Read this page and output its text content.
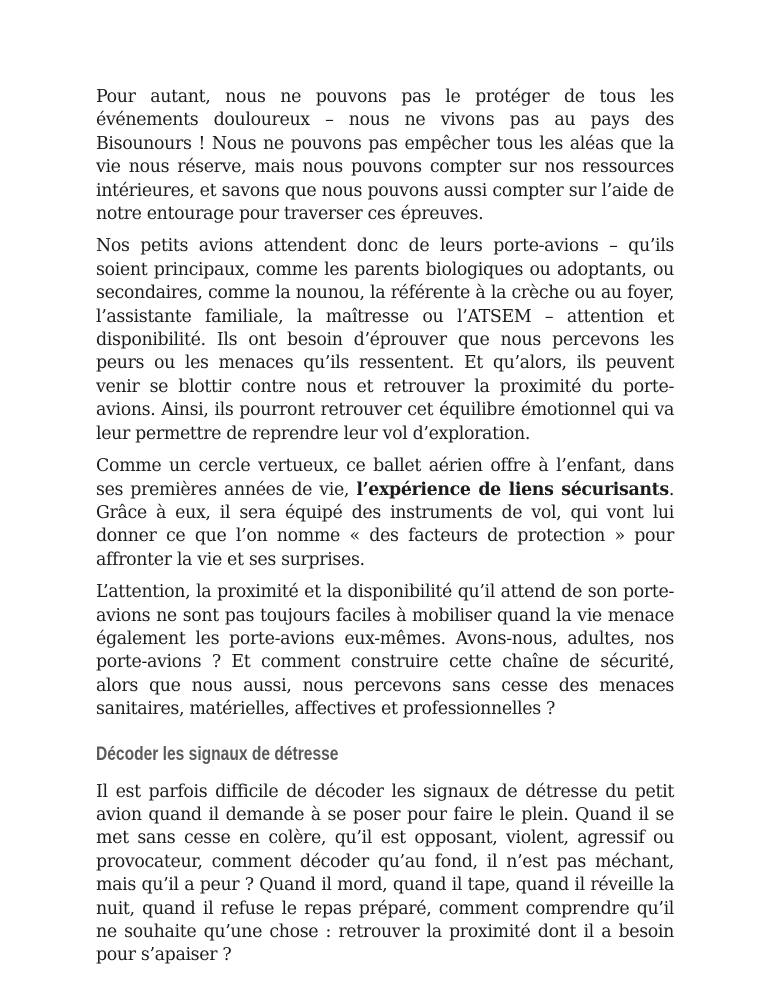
Pour autant, nous ne pouvons pas le protéger de tous les événements douloureux – nous ne vivons pas au pays des Bisounours ! Nous ne pouvons pas empêcher tous les aléas que la vie nous réserve, mais nous pouvons compter sur nos ressources intérieures, et savons que nous pouvons aussi compter sur l’aide de notre entourage pour traverser ces épreuves.

Nos petits avions attendent donc de leurs porte-avions – qu’ils soient principaux, comme les parents biologiques ou adoptants, ou secondaires, comme la nounou, la référente à la crèche ou au foyer, l’assistante familiale, la maîtresse ou l’ATSEM – attention et disponibilité. Ils ont besoin d’éprouver que nous percevons les peurs ou les menaces qu’ils ressentent. Et qu’alors, ils peuvent venir se blottir contre nous et retrouver la proximité du porte-avions. Ainsi, ils pourront retrouver cet équilibre émotionnel qui va leur permettre de reprendre leur vol d’exploration.

Comme un cercle vertueux, ce ballet aérien offre à l’enfant, dans ses premières années de vie, l’expérience de liens sécurisants. Grâce à eux, il sera équipé des instruments de vol, qui vont lui donner ce que l’on nomme « des facteurs de protection » pour affronter la vie et ses surprises.

L’attention, la proximité et la disponibilité qu’il attend de son porte-avions ne sont pas toujours faciles à mobiliser quand la vie menace également les porte-avions eux-mêmes. Avons-nous, adultes, nos porte-avions ? Et comment construire cette chaîne de sécurité, alors que nous aussi, nous percevons sans cesse des menaces sanitaires, matérielles, affectives et professionnelles ?

Décoder les signaux de détresse

Il est parfois difficile de décoder les signaux de détresse du petit avion quand il demande à se poser pour faire le plein. Quand il se met sans cesse en colère, qu’il est opposant, violent, agressif ou provocateur, comment décoder qu’au fond, il n’est pas méchant, mais qu’il a peur ? Quand il mord, quand il tape, quand il réveille la nuit, quand il refuse le repas préparé, comment comprendre qu’il ne souhaite qu’une chose : retrouver la proximité dont il a besoin pour s’apaiser ?
